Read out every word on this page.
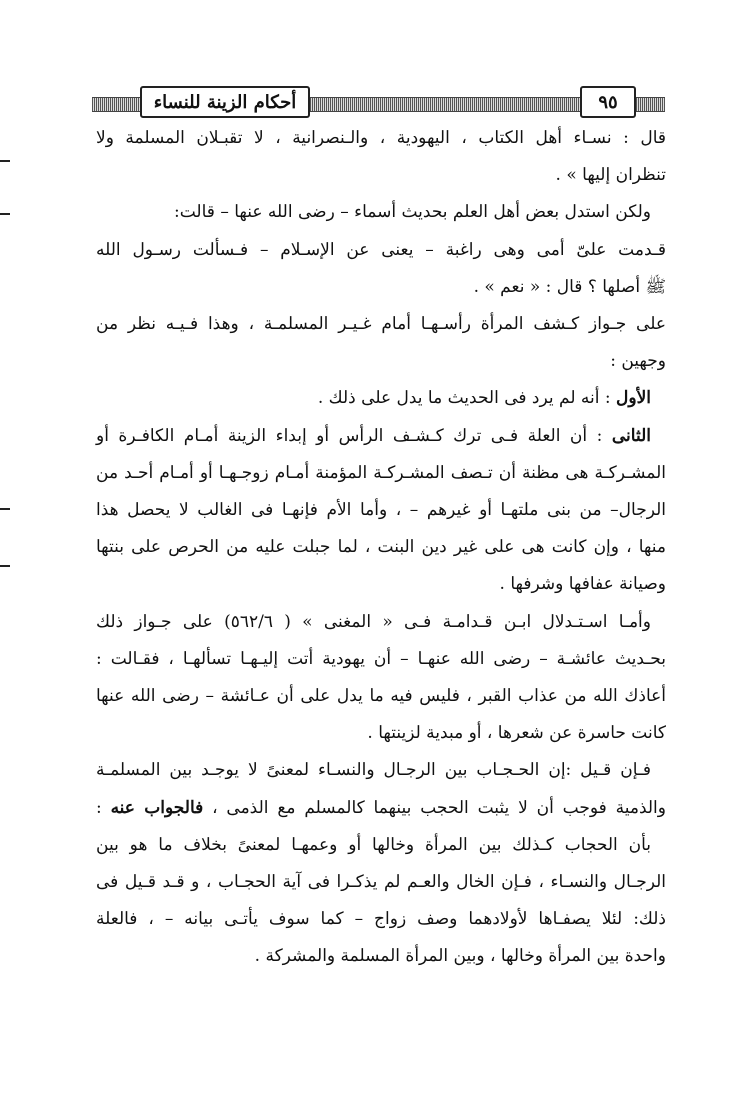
أحكام الزينة للنساء	٩٥
قال : نسـاء أهل الكتاب ، اليهودية ، والـنصرانية ، لا تقبـلان المسلمة ولا
تنظران إليها » .
ولكن استدل بعض أهل العلم بحديث أسماء – رضى الله عنها – قالت:
قـدمت علىّ أمى وهى راغبة – يعنى عن الإسـلام – فـسألت رسـول الله
ﷺ أصلها ؟ قال : « نعم » .
على جـواز كـشف المرأة رأسـهـا أمام غـيـر المسلمـة ، وهذا فـيـه نظر من
وجهين :
الأول : أنه لم يرد فى الحديث ما يدل على ذلك .
الثانى : أن العلة فـى ترك كـشـف الرأس أو إبداء الزينة أمـام الكافـرة أو
المشـركـة هى مظنة أن تـصف المشـركـة المؤمنة أمـام زوجـهـا أو أمـام أحـد من
الرجال– من بنى ملتهـا أو غيرهم – ، وأما الأم فإنهـا فى الغالب لا يحصل هذا
منها ، وإن كانت هى على غير دين البنت ، لما جبلت عليه من الحرص على بنتها
وصيانة عفافها وشرفها .
وأمـا اسـتـدلال ابـن قـدامـة فـى « المغنى » ( ٥٦٢/٦) على جـواز ذلك
بحـديث عائشـة – رضى الله عنهـا – أن يهودية أتت إليـهـا تسألهـا ، فقـالت :
أعاذك الله من عذاب القبر ، فليس فيه ما يدل على أن عـائشة – رضى الله عنها
كانت حاسرة عن شعرها ، أو مبدية لزينتها .
فـإن قـيل :إن الحـجـاب بين الرجـال والنسـاء لمعنىً لا يوجـد بين المسلمـة
والذمية فوجب أن لا يثبت الحجب بينهما كالمسلم مع الذمى ، فالجواب عنه :
بأن الحجاب كـذلك بين المرأة وخالها أو وعمهـا لمعنىً بخلاف ما هو بين
الرجـال والنسـاء ، فـإن الخال والعـم لم يذكـرا فى آية الحجـاب ، و قـد قـيل فى
ذلك: لئلا يصفـاها لأولادهما وصف زواج – كما سوف يأتـى بيانه – ، فالعلة
واحدة بين المرأة وخالها ، وبين المرأة المسلمة والمشركة .
